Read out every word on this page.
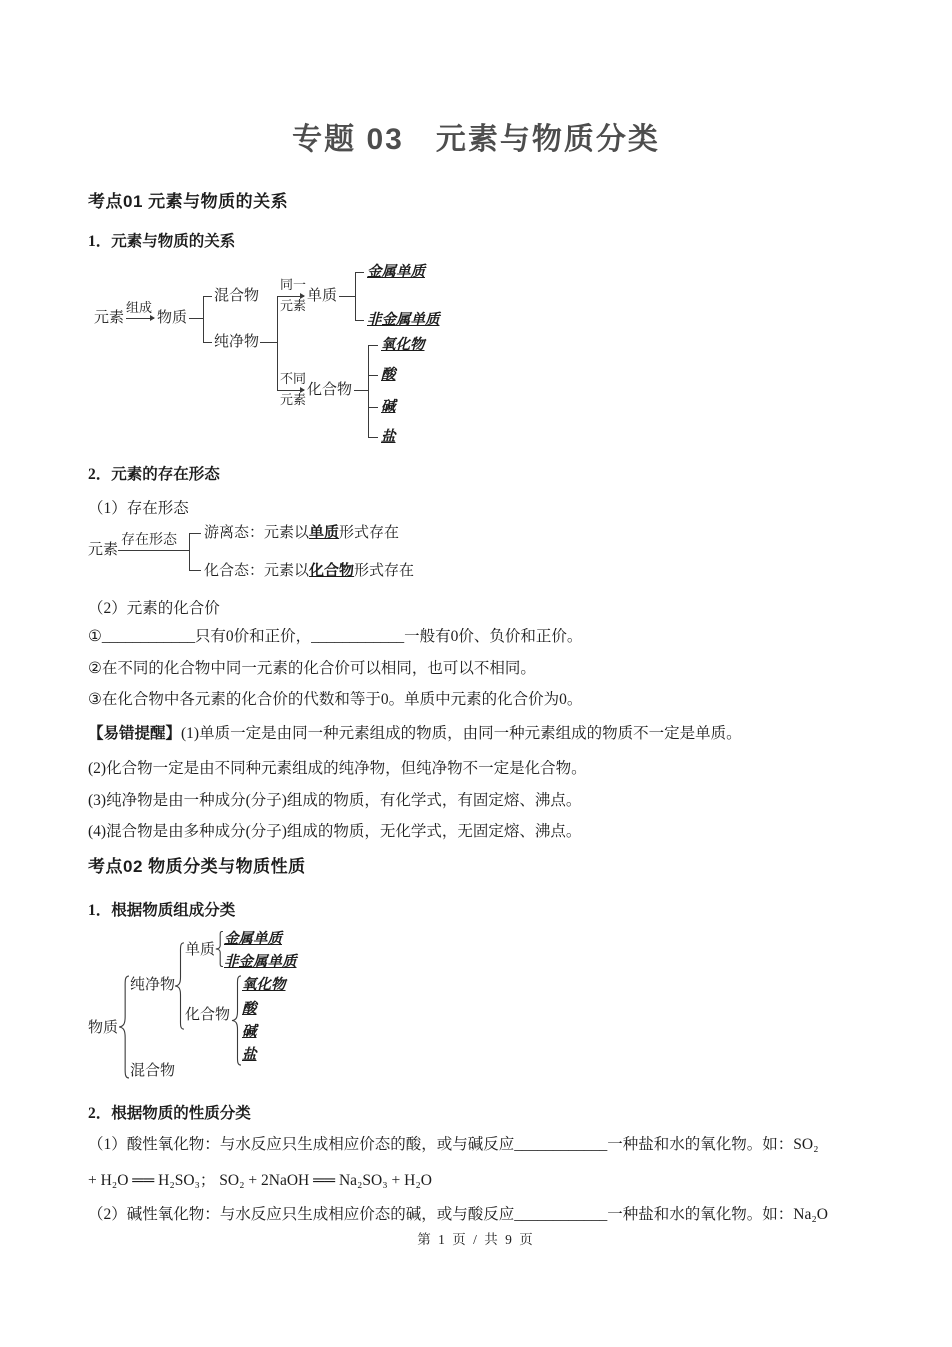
专题 03　元素与物质分类
考点01 元素与物质的关系
1．元素与物质的关系
元素
组成
物质
混合物
纯净物
同一
元素
单质
金属单质
非金属单质
不同
元素
化合物
氧化物
酸
碱
盐
2．元素的存在形态
（1）存在形态
元素
存在形态 游离态：元素以单质形式存在
化合态：元素以化合物形式存在
（2）元素的化合价
①____________只有0价和正价，____________一般有0价、负价和正价。
②在不同的化合物中同一元素的化合价可以相同，也可以不相同。
③在化合物中各元素的化合价的代数和等于0。单质中元素的化合价为0。
【易错提醒】(1)单质一定是由同一种元素组成的物质，由同一种元素组成的物质不一定是单质。
(2)化合物一定是由不同种元素组成的纯净物，但纯净物不一定是化合物。
(3)纯净物是由一种成分(分子)组成的物质，有化学式，有固定熔、沸点。
(4)混合物是由多种成分(分子)组成的物质，无化学式，无固定熔、沸点。
考点02 物质分类与物质性质
1．根据物质组成分类
物质
纯净物
混合物
单质
金属单质
非金属单质
化合物
氧化物
酸
碱
盐
2．根据物质的性质分类
（1）酸性氧化物：与水反应只生成相应价态的酸，或与碱反应____________一种盐和水的氧化物。如：SO₂
+ H₂O ══ H₂SO₃； SO₂ + 2NaOH ══ Na₂SO₃ + H₂O
（2）碱性氧化物：与水反应只生成相应价态的碱，或与酸反应____________一种盐和水的氧化物。如：Na₂O
第 1 页 / 共 9 页
